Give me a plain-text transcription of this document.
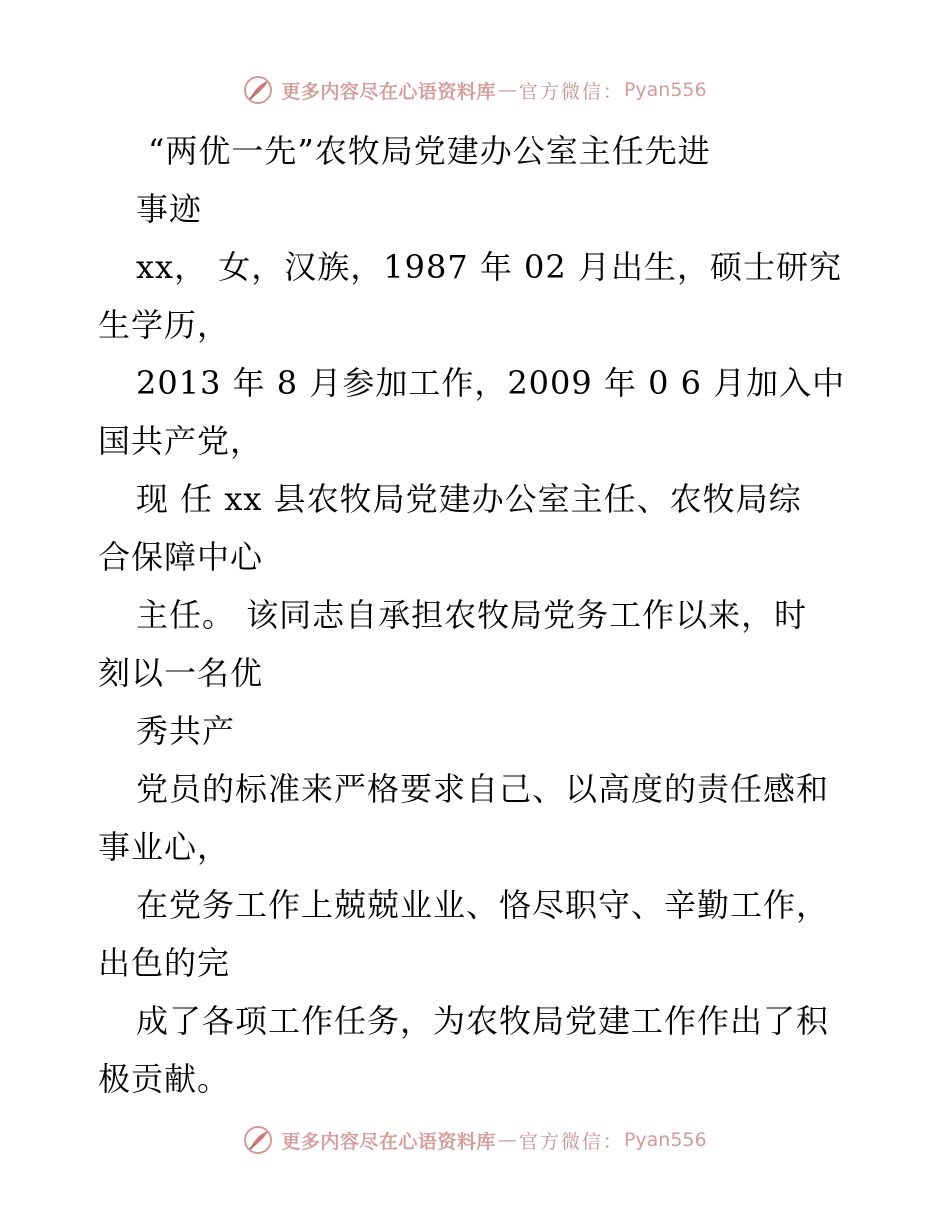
更多内容尽在心语资料库 — 官方微信： Pyan556
“两优一先”农牧局党建办公室主任先进
事迹
xx， 女，汉族，1987 年 02 月出生，硕士研究
生学历，
2013 年 8 月参加工作，2009 年 0 6 月加入中
国共产党，
现 任 xx 县农牧局党建办公室主任、农牧局综
合保障中心
主任。 该同志自承担农牧局党务工作以来，时
刻以一名优
秀共产
党员的标准来严格要求自己、以高度的责任感和
事业心，
在党务工作上兢兢业业、恪尽职守、辛勤工作，
出色的完
成了各项工作任务，为农牧局党建工作作出了积
极贡献。
更多内容尽在心语资料库 — 官方微信： Pyan556
